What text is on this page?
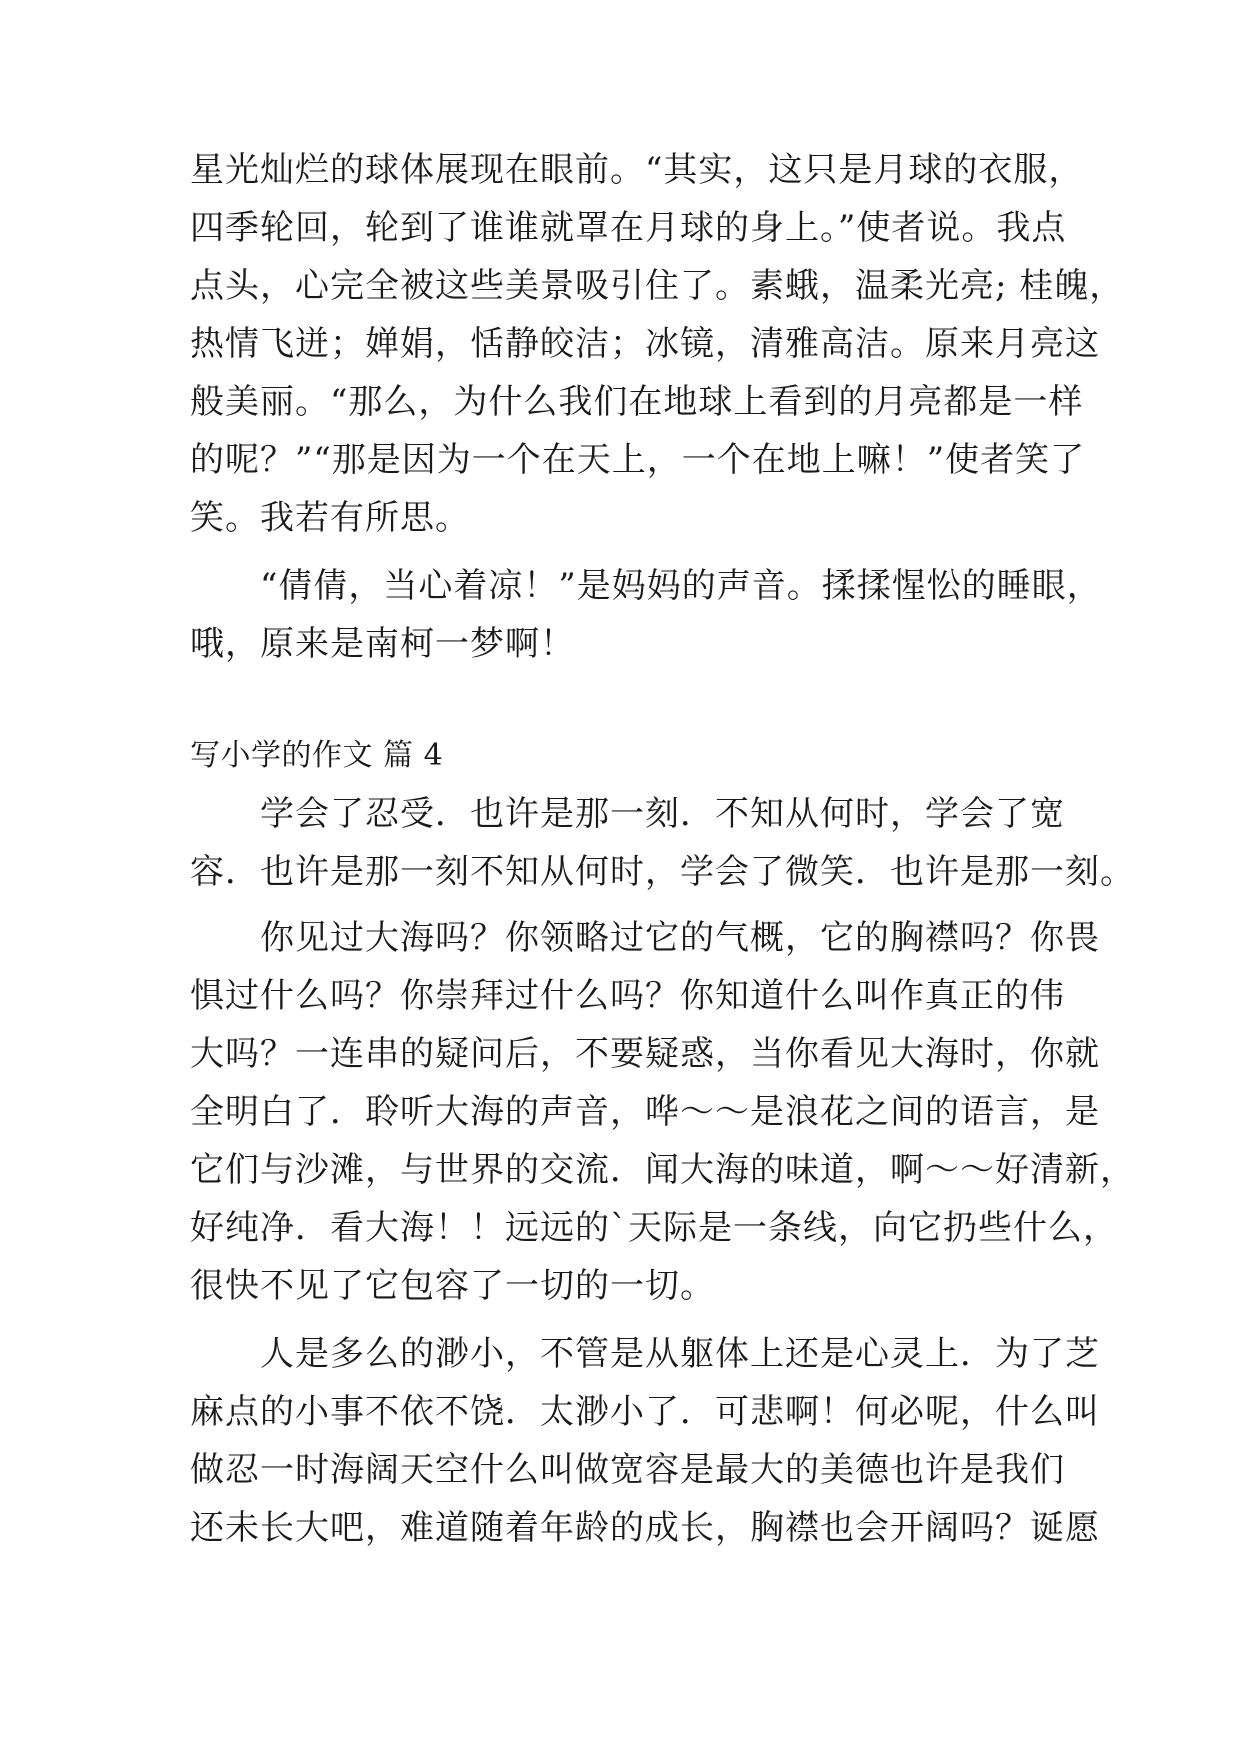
星光灿烂的球体展现在眼前。“其实，这只是月球的衣服，
四季轮回，轮到了谁谁就罩在月球的身上。”使者说。我点
点头，心完全被这些美景吸引住了。素蛾，温柔光亮; 桂魄，
热情飞迸；婵娟，恬静皎洁；冰镜，清雅高洁。原来月亮这
般美丽。“那么，为什么我们在地球上看到的月亮都是一样
的呢？”“那是因为一个在天上，一个在地上嘛！”使者笑了
笑。我若有所思。
　　“倩倩，当心着凉！”是妈妈的声音。揉揉惺忪的睡眼，
哦，原来是南柯一梦啊！
写小学的作文 篇 4
　　学会了忍受．也许是那一刻．不知从何时，学会了宽
容．也许是那一刻不知从何时，学会了微笑．也许是那一刻。
　　你见过大海吗？你领略过它的气概，它的胸襟吗？你畏
惧过什么吗？你崇拜过什么吗？你知道什么叫作真正的伟
大吗？一连串的疑问后，不要疑惑，当你看见大海时，你就
全明白了．聆听大海的声音，哗～～是浪花之间的语言，是
它们与沙滩，与世界的交流．闻大海的味道，啊～～好清新，
好纯净．看大海！！远远的`天际是一条线，向它扔些什么，
很快不见了它包容了一切的一切。
　　人是多么的渺小，不管是从躯体上还是心灵上．为了芝
麻点的小事不依不饶．太渺小了．可悲啊！何必呢，什么叫
做忍一时海阔天空什么叫做宽容是最大的美德也许是我们
还未长大吧，难道随着年龄的成长，胸襟也会开阔吗？诞愿
